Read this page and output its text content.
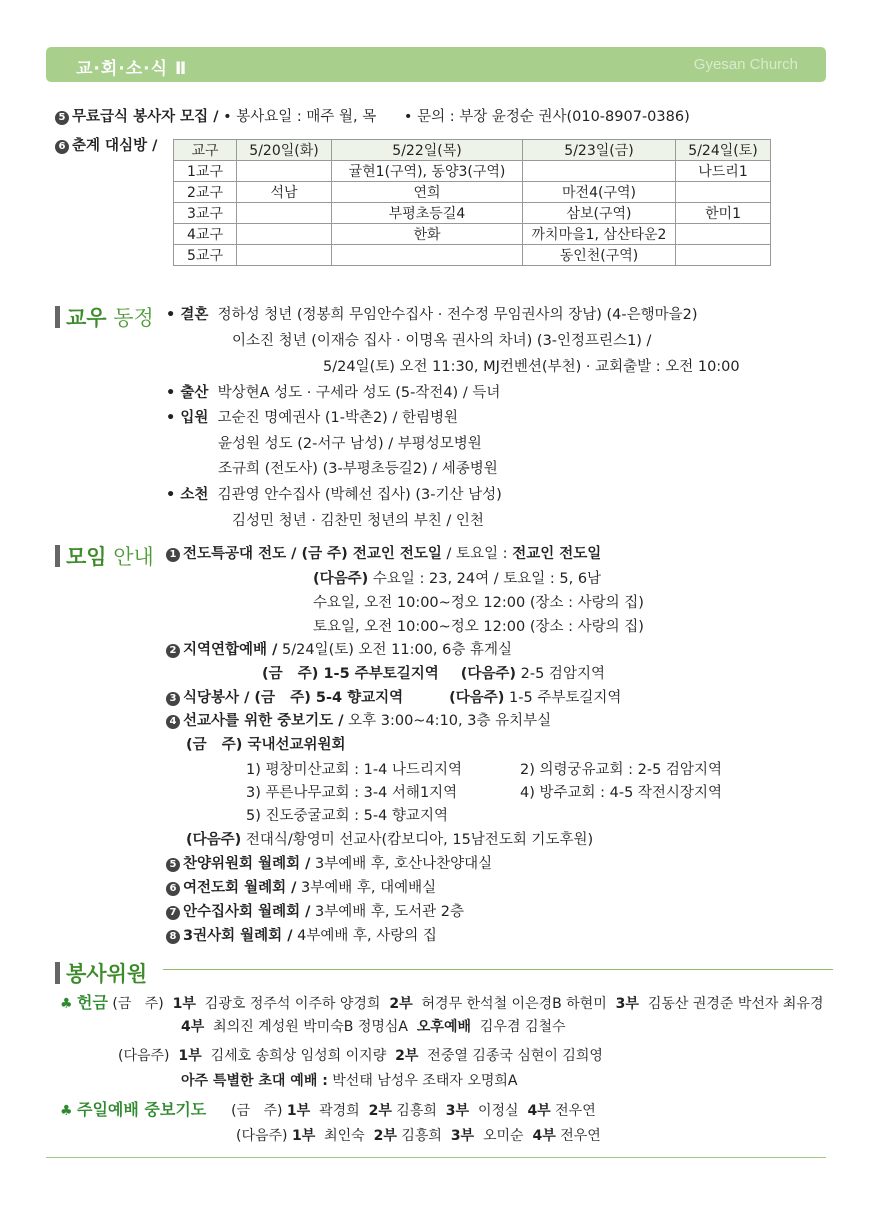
교·회·소·식 Ⅱ	Gyesan Church
5 무료급식 봉사자 모집 / • 봉사요일 : 매주 월, 목      • 문의 : 부장 윤정순 권사(010-8907-0386)
6 춘계 대심방 / 교구	5/20일(화)	5/22일(목)	5/23일(금)	5/24일(토)
1교구		귤현1(구역), 동양3(구역)		나드리1
2교구	석남	연희	마전4(구역)	
3교구		부평초등길4	삼보(구역)	한미1
4교구		한화	까치마을1, 삼산타운2	
5교구			동인천(구역)	
교우 동정 • 결혼 정하성 청년 (정봉희 무임안수집사 · 전수정 무임권사의 장남) (4-은행마을2)
이소진 청년 (이재승 집사 · 이명옥 권사의 차녀) (3-인정프린스1) /
5/24일(토) 오전 11:30, MJ컨벤션(부천) · 교회출발 : 오전 10:00
• 출산 박상현A 성도 · 구세라 성도 (5-작전4) / 득녀
• 입원 고순진 명예권사 (1-박촌2) / 한림병원
윤성원 성도 (2-서구 남성) / 부평성모병원
조규희 (전도사) (3-부평초등길2) / 세종병원
• 소천 김관영 안수집사 (박혜선 집사) (3-기산 남성)
김성민 청년 · 김찬민 청년의 부친 / 인천
모임 안내	1 전도특공대 전도 / (금 주) 전교인 전도일 / 토요일 : 전교인 전도일
(다음주) 수요일 : 23, 24여 / 토요일 : 5, 6남
수요일, 오전 10:00~정오 12:00 (장소 : 사랑의 집)
토요일, 오전 10:00~정오 12:00 (장소 : 사랑의 집)
2 지역연합예배 / 5/24일(토) 오전 11:00, 6층 휴게실
(금   주) 1-5 주부토길지역 (다음주) 2-5 검암지역
3 식당봉사 / (금   주) 5-4 향교지역	(다음주) 1-5 주부토길지역
4 선교사를 위한 중보기도 / 오후 3:00~4:10, 3층 유치부실
(금   주) 국내선교위원회
1) 평창미산교회 : 1-4 나드리지역	2) 의령궁유교회 : 2-5 검암지역
3) 푸른나무교회 : 3-4 서해1지역	4) 방주교회 : 4-5 작전시장지역
5) 진도중굴교회 : 5-4 향교지역
(다음주) 전대식/황영미 선교사(캄보디아, 15남전도회 기도후원)
5 찬양위원회 월례회 / 3부예배 후, 호산나찬양대실
6 여전도회 월례회 / 3부예배 후, 대예배실
7 안수집사회 월례회 / 3부예배 후, 도서관 2층
8 3권사회 월례회 / 4부예배 후, 사랑의 집
봉사위원
♣ 헌금 (금   주) 1부 김광호 정주석 이주하 양경희 2부 허경무 한석철 이은경B 하현미 3부 김동산 권경준 박선자 최유경
4부 최의진 계성원 박미숙B 정명심A 오후예배 김우겸 김철수
(다음주) 1부 김세호 송희상 임성희 이지량 2부 전중열 김종국 심현이 김희영
아주 특별한 초대 예배 : 박선태 남성우 조태자 오명희A
♣ 주일예배 중보기도 (금   주) 1부 곽경희 2부 김흥희 3부 이정실 4부 전우연
(다음주) 1부 최인숙 2부 김흥희 3부 오미순 4부 전우연
